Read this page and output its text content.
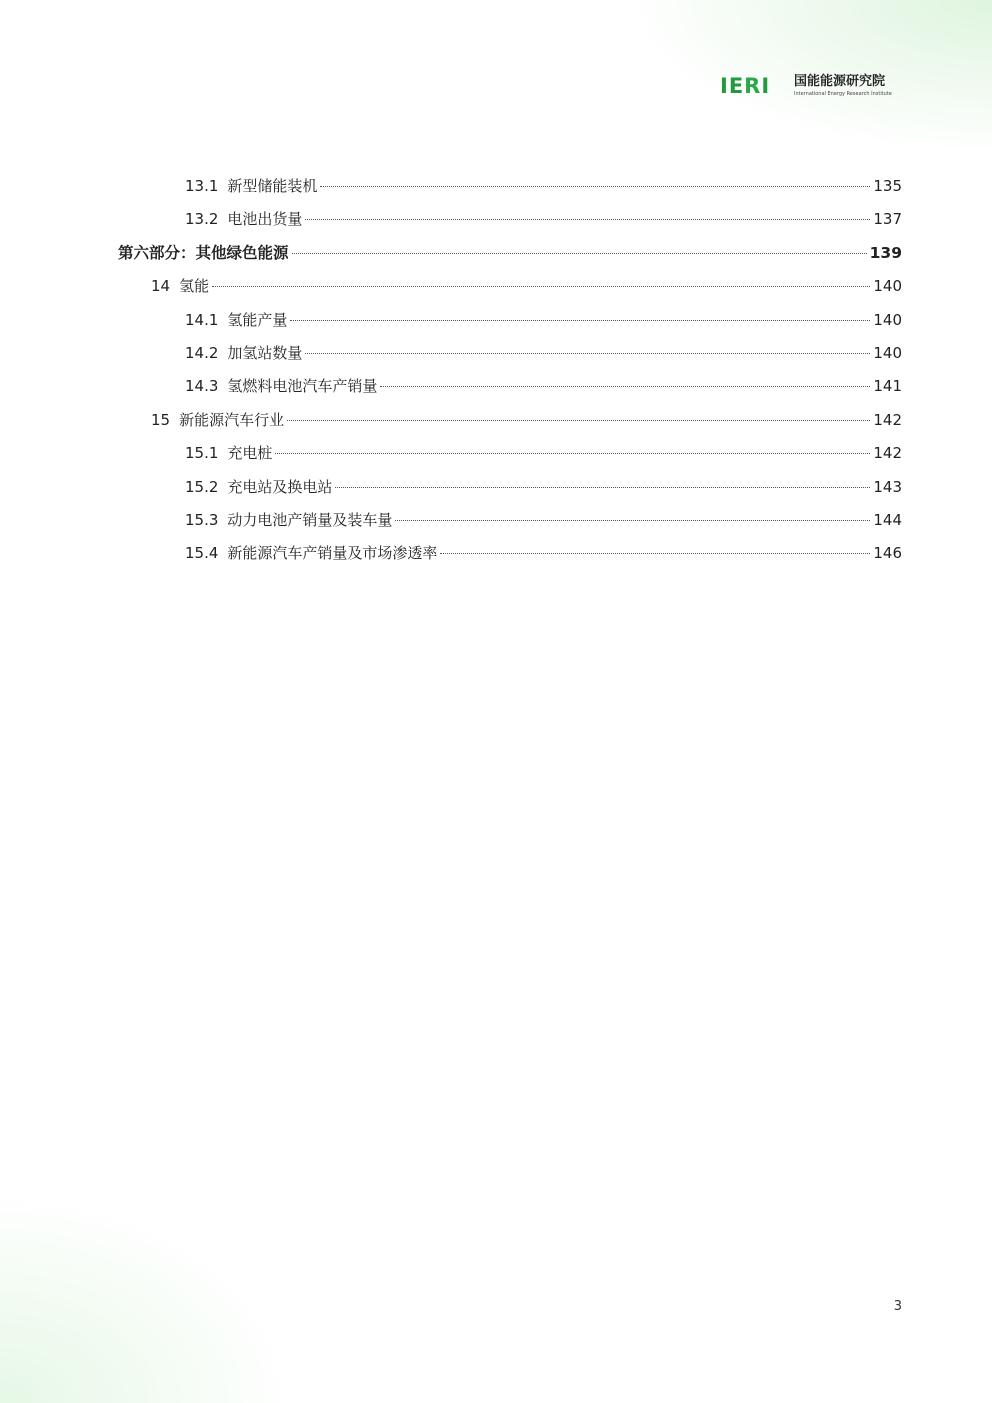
IERI 国能能源研究院
International Energy Research Institute
13.1 新型储能装机	135
13.2 电池出货量	137
第六部分：其他绿色能源	139
14 氢能	140
14.1 氢能产量	140
14.2 加氢站数量	140
14.3 氢燃料电池汽车产销量	141
15 新能源汽车行业	142
15.1 充电桩	142
15.2 充电站及换电站	143
15.3 动力电池产销量及装车量	144
15.4 新能源汽车产销量及市场渗透率	146
3
